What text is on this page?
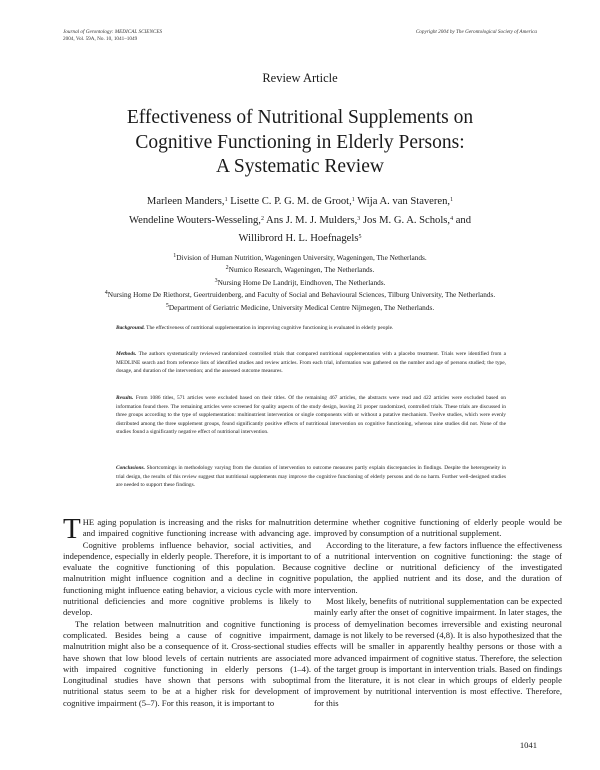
Journal of Gerontology: MEDICAL SCIENCES
2004, Vol. 59A, No. 10, 1041–1049
Copyright 2004 by The Gerontological Society of America
Review Article
Effectiveness of Nutritional Supplements on
Cognitive Functioning in Elderly Persons:
A Systematic Review
Marleen Manders,$^1$ Lisette C. P. G. M. de Groot,$^1$ Wija A. van Staveren,$^1$
Wendeline Wouters-Wesseling,$^2$ Ans J. M. J. Mulders,$^3$ Jos M. G. A. Schols,$^4$ and
Willibrord H. L. Hoefnagels$^5$
$^1$Division of Human Nutrition, Wageningen University, Wageningen, The Netherlands.
$^2$Numico Research, Wageningen, The Netherlands.
$^3$Nursing Home De Landrijt, Eindhoven, The Netherlands.
$^4$Nursing Home De Riethorst, Geertruidenberg, and Faculty of Social and Behavioural Sciences, Tilburg University, The Netherlands.
$^5$Department of Geriatric Medicine, University Medical Centre Nijmegen, The Netherlands.
Background. The effectiveness of nutritional supplementation in improving cognitive functioning is evaluated in elderly people.
Methods. The authors systematically reviewed randomized controlled trials that compared nutritional supplementation with a placebo treatment. Trials were identified from a MEDLINE search and from reference lists of identified studies and review articles. From each trial, information was gathered on the number and age of persons studied; the type, dosage, and duration of the intervention; and the assessed outcome measures.
Results. From 1086 titles, 571 articles were excluded based on their titles. Of the remaining 467 articles, the abstracts were read and 422 articles were excluded based on information found there. The remaining articles were screened for quality aspects of the study design, leaving 21 proper randomized, controlled trials. These trials are discussed in three groups according to the type of supplementation: multinutrient intervention or single components with or without a putative mechanism. Twelve studies, which were evenly distributed among the three supplement groups, found significantly positive effects of nutritional intervention on cognitive functioning, whereas nine studies did not. None of the studies found a significantly negative effect of nutritional intervention.
Conclusions. Shortcomings in methodology varying from the duration of intervention to outcome measures partly explain discrepancies in findings. Despite the heterogeneity in trial design, the results of this review suggest that nutritional supplements may improve the cognitive functioning of elderly persons and do no harm. Further well-designed studies are needed to support these findings.

THE aging population is increasing and the risks for malnutrition and impaired cognitive functioning increase with advancing age. Cognitive problems influence behavior, social activities, and independence, especially in elderly people. Therefore, it is important to evaluate the cognitive functioning of this population. Because malnutrition might influence cognition and a decline in cognitive functioning might influence eating behavior, a vicious cycle with more nutritional deficiencies and more cognitive problems is likely to develop.

The relation between malnutrition and cognitive functioning is complicated. Besides being a cause of cognitive impairment, malnutrition might also be a consequence of it. Cross-sectional studies have shown that low blood levels of certain nutrients are associated with impaired cognitive functioning in elderly persons (1–4). Longitudinal studies have shown that persons with suboptimal nutritional status seem to be at a higher risk for development of cognitive impairment (5–7). For this reason, it is important to

determine whether cognitive functioning of elderly people would be improved by consumption of a nutritional supplement.

According to the literature, a few factors influence the effectiveness of a nutritional intervention on cognitive functioning: the stage of cognitive decline or nutritional deficiency of the investigated population, the applied nutrient and its dose, and the duration of intervention.

Most likely, benefits of nutritional supplementation can be expected mainly early after the onset of cognitive impairment. In later stages, the process of demyelination becomes irreversible and existing neuronal damage is not likely to be reversed (4,8). It is also hypothesized that the effects will be smaller in apparently healthy persons or those with a more advanced impairment of cognitive status. Therefore, the selection of the target group is important in intervention trials. Based on findings from the literature, it is not clear in which groups of elderly people improvement by nutritional intervention is most effective. Therefore, for this

1041
